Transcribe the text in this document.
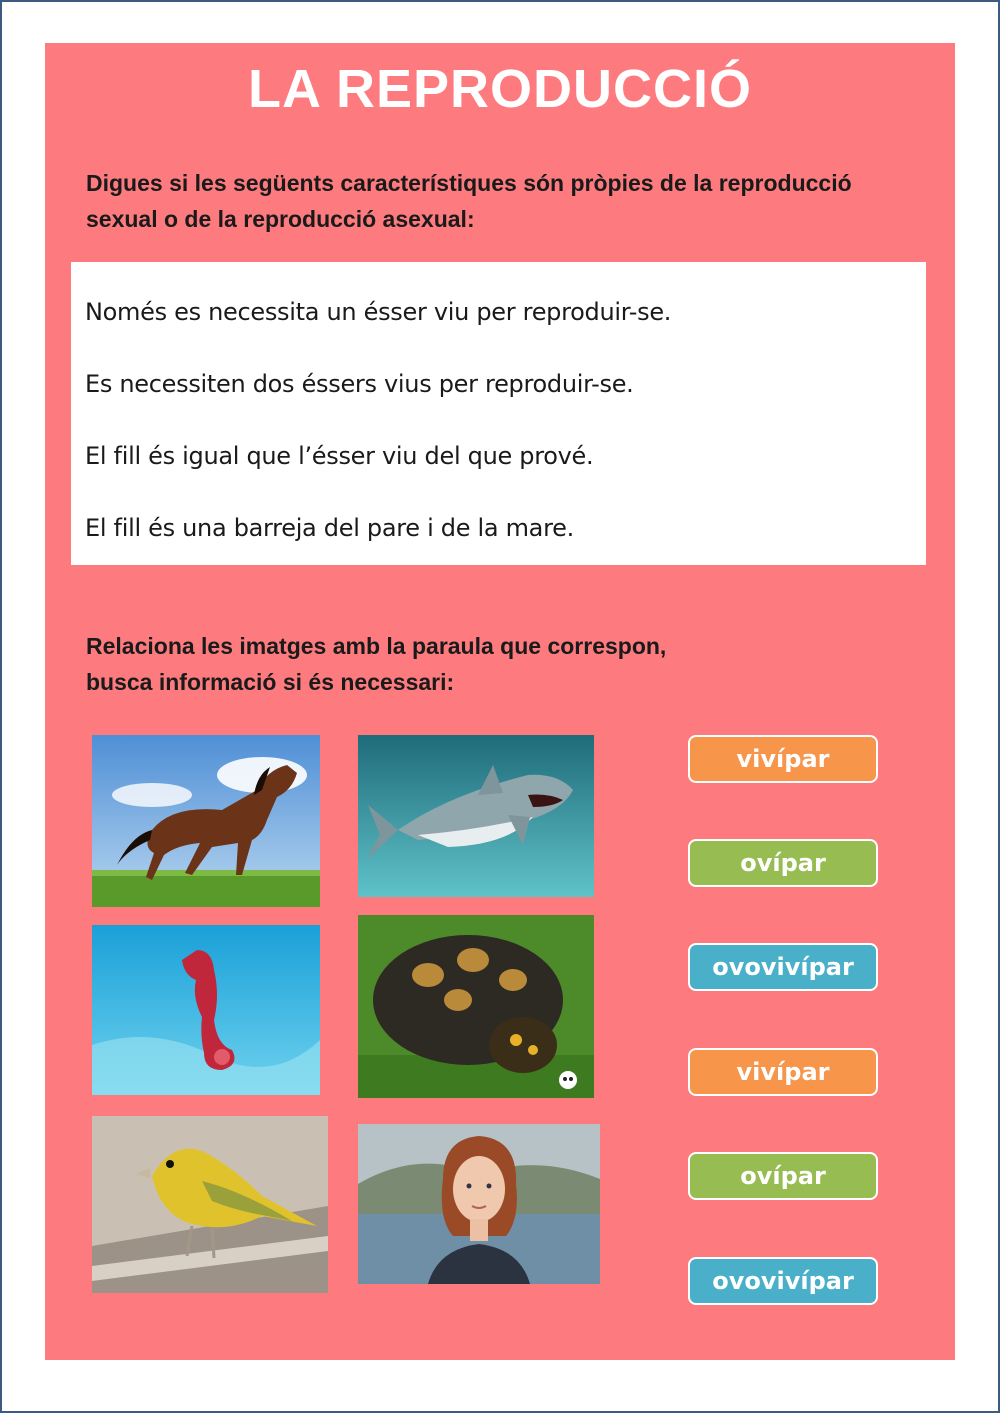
LA REPRODUCCIÓ
Digues si les següents característiques són pròpies de la reproducció
sexual o de la reproducció asexual:
Només es necessita un ésser viu per reproduir-se.
Es necessiten dos éssers vius per reproduir-se.
El fill és igual que l’ésser viu del que prové.
El fill és una barreja del pare i de la mare.
Relaciona les imatges amb la paraula que correspon,
busca informació si és necessari:
vivípar
ovípar
ovovivípar
vivípar
ovípar
ovovivípar
